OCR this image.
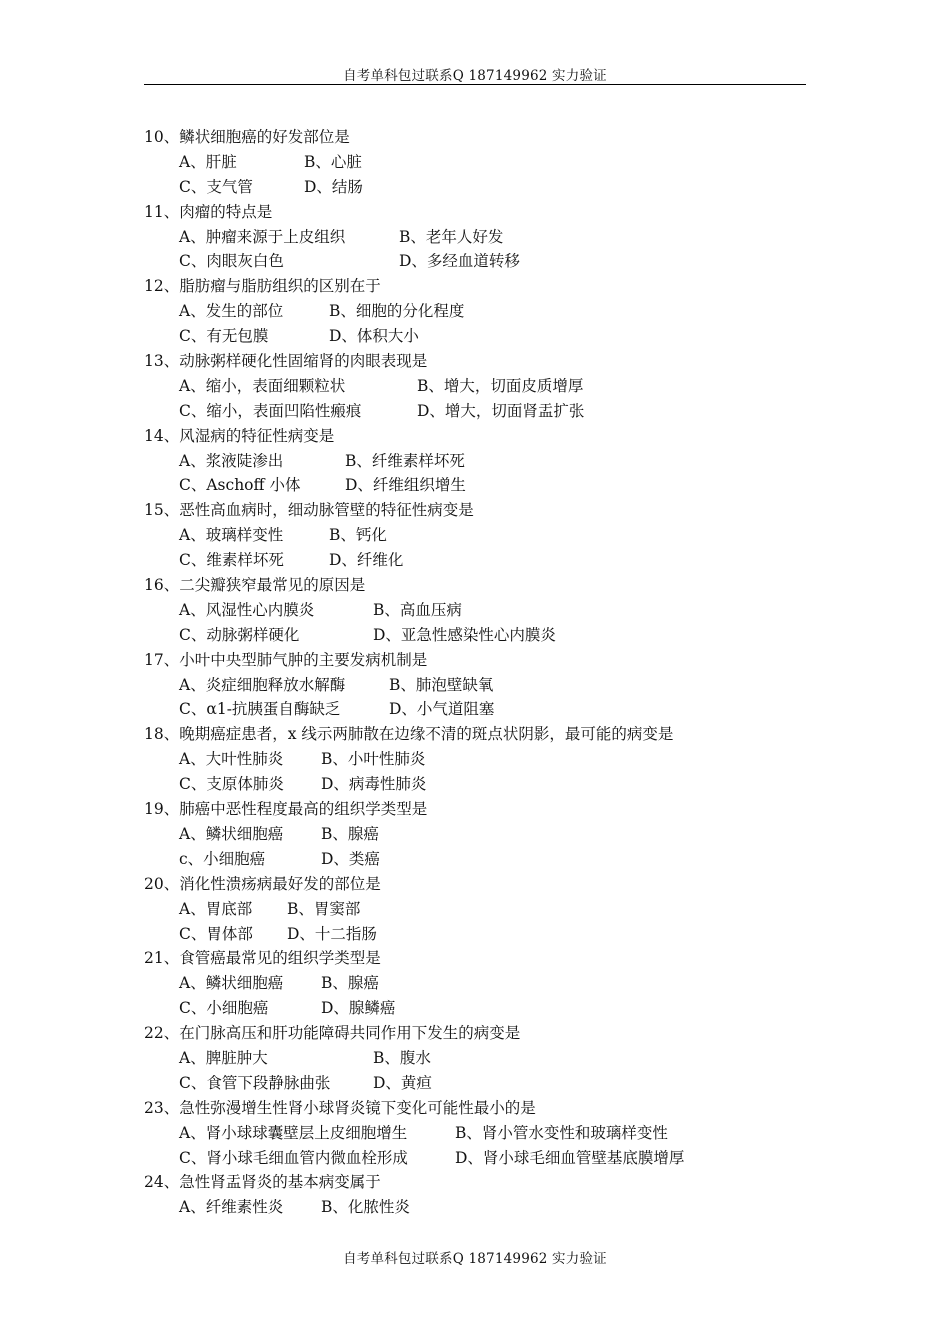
自考单科包过联系Q 187149962 实力验证
10、鳞状细胞癌的好发部位是
A、肝脏	B、心脏
C、支气管	D、结肠
11、肉瘤的特点是
A、肿瘤来源于上皮组织	B、老年人好发
C、肉眼灰白色	D、多经血道转移
12、脂肪瘤与脂肪组织的区别在于
A、发生的部位	B、细胞的分化程度
C、有无包膜	D、体积大小
13、动脉粥样硬化性固缩肾的肉眼表现是
A、缩小，表面细颗粒状	B、增大，切面皮质增厚
C、缩小，表面凹陷性瘢痕	D、增大，切面肾盂扩张
14、风湿病的特征性病变是
A、浆液陡渗出	B、纤维素样坏死
C、Aschoff 小体	D、纤维组织增生
15、恶性高血病时，细动脉管壁的特征性病变是
A、玻璃样变性	B、钙化
C、维素样坏死	D、纤维化
16、二尖瓣狭窄最常见的原因是
A、风湿性心内膜炎	B、高血压病
C、动脉粥样硬化	D、亚急性感染性心内膜炎
17、小叶中央型肺气肿的主要发病机制是
A、炎症细胞释放水解酶	B、肺泡壁缺氧
C、α1-抗胰蛋自酶缺乏	D、小气道阻塞
18、晚期癌症患者，x 线示两肺散在边缘不清的斑点状阴影，最可能的病变是
A、大叶性肺炎 B、小叶性肺炎
C、支原体肺炎 D、病毒性肺炎
19、肺癌中恶性程度最高的组织学类型是
A、鳞状细胞癌 B、腺癌
c、小细胞癌	D、类癌
20、消化性溃疡病最好发的部位是
A、胃底部 B、胃窦部
C、胃体部 D、十二指肠
21、食管癌最常见的组织学类型是
A、鳞状细胞癌 B、腺癌
C、小细胞癌	D、腺鳞癌
22、在门脉高压和肝功能障碍共同作用下发生的病变是
A、脾脏肿大	B、腹水
C、食管下段静脉曲张	D、黄疸
23、急性弥漫增生性肾小球肾炎镜下变化可能性最小的是
A、肾小球球囊壁层上皮细胞增生	B、肾小管水变性和玻璃样变性
C、肾小球毛细血管内微血栓形成	D、肾小球毛细血管壁基底膜增厚
24、急性肾盂肾炎的基本病变属于
A、纤维素性炎 B、化脓性炎
自考单科包过联系Q 187149962 实力验证
